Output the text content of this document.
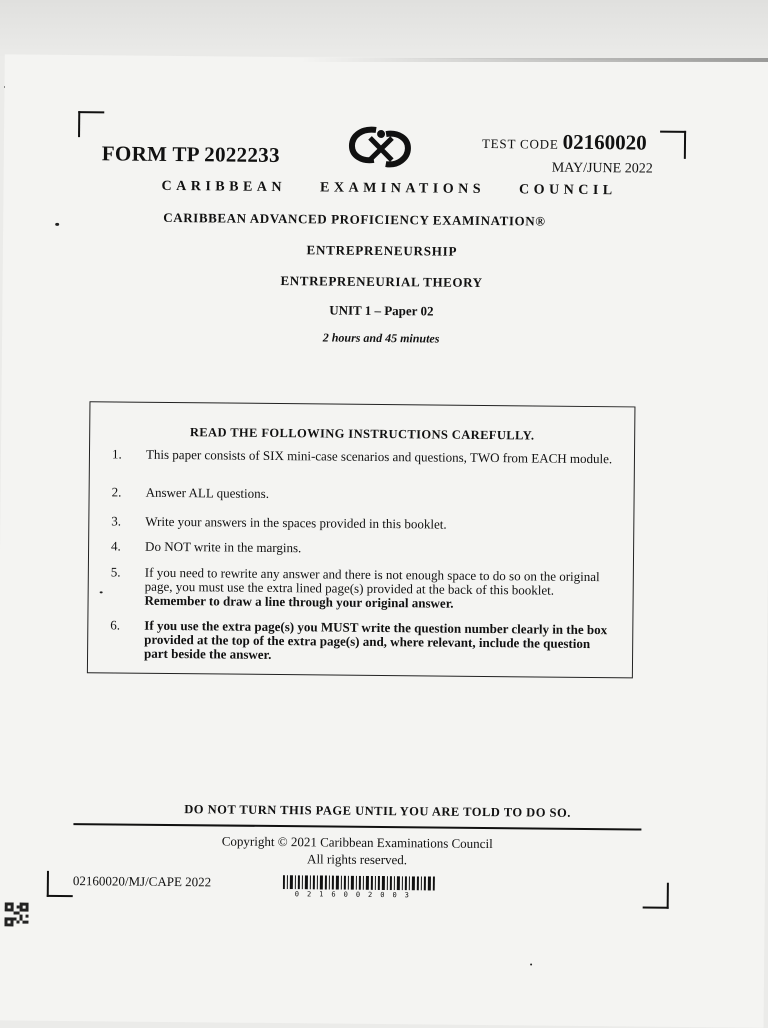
FORM TP 2022233	TEST CODE 02160020
MAY/JUNE 2022
CARIBBEAN EXAMINATIONS COUNCIL
CARIBBEAN ADVANCED PROFICIENCY EXAMINATION®
ENTREPRENEURSHIP
ENTREPRENEURIAL THEORY
UNIT 1 – Paper 02
2 hours and 45 minutes
READ THE FOLLOWING INSTRUCTIONS CAREFULLY.
1. This paper consists of SIX mini-case scenarios and questions, TWO from EACH module.
2. Answer ALL questions.
3. Write your answers in the spaces provided in this booklet.
4. Do NOT write in the margins.
5. If you need to rewrite any answer and there is not enough space to do so on the original page, you must use the extra lined page(s) provided at the back of this booklet. Remember to draw a line through your original answer.
6. If you use the extra page(s) you MUST write the question number clearly in the box provided at the top of the extra page(s) and, where relevant, include the question part beside the answer.
DO NOT TURN THIS PAGE UNTIL YOU ARE TOLD TO DO SO.
Copyright © 2021 Caribbean Examinations Council
All rights reserved.
02160020/MJ/CAPE 2022
0216002003
